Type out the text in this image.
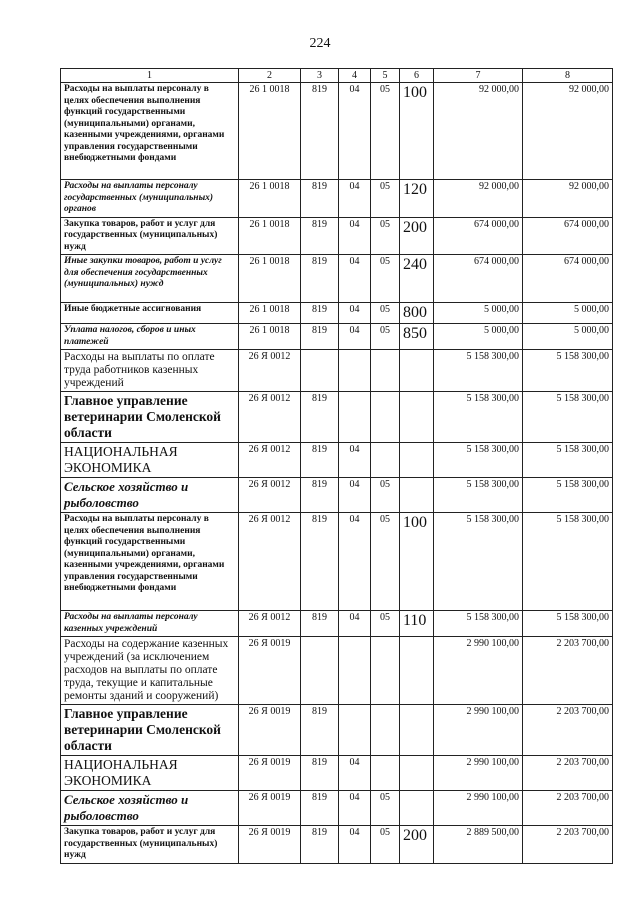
224
1	2	3	4	5	6	7	8
Расходы на выплаты персоналу в целях обеспечения выполнения функций государственными (муниципальными) органами, казенными учреждениями, органами управления государственными внебюджетными фондами	26 1 0018	819	04	05	100	92 000,00	92 000,00
Расходы на выплаты персоналу государственных (муниципальных) органов	26 1 0018	819	04	05	120	92 000,00	92 000,00
Закупка товаров, работ и услуг для государственных (муниципальных) нужд	26 1 0018	819	04	05	200	674 000,00	674 000,00
Иные закупки товаров, работ и услуг для обеспечения государственных (муниципальных) нужд	26 1 0018	819	04	05	240	674 000,00	674 000,00
Иные бюджетные ассигнования	26 1 0018	819	04	05	800	5 000,00	5 000,00
Уплата налогов, сборов и иных платежей	26 1 0018	819	04	05	850	5 000,00	5 000,00
Расходы на выплаты по оплате труда работников казенных учреждений	26 Я 0012					5 158 300,00	5 158 300,00
Главное управление ветеринарии Смоленской области	26 Я 0012	819				5 158 300,00	5 158 300,00
НАЦИОНАЛЬНАЯ ЭКОНОМИКА	26 Я 0012	819	04			5 158 300,00	5 158 300,00
Сельское хозяйство и рыболовство	26 Я 0012	819	04	05		5 158 300,00	5 158 300,00
Расходы на выплаты персоналу в целях обеспечения выполнения функций государственными (муниципальными) органами, казенными учреждениями, органами управления государственными внебюджетными фондами	26 Я 0012	819	04	05	100	5 158 300,00	5 158 300,00
Расходы на выплаты персоналу казенных учреждений	26 Я 0012	819	04	05	110	5 158 300,00	5 158 300,00
Расходы на содержание казенных учреждений (за исключением расходов на выплаты по оплате труда, текущие и капитальные ремонты зданий и сооружений)	26 Я 0019					2 990 100,00	2 203 700,00
Главное управление ветеринарии Смоленской области	26 Я 0019	819				2 990 100,00	2 203 700,00
НАЦИОНАЛЬНАЯ ЭКОНОМИКА	26 Я 0019	819	04			2 990 100,00	2 203 700,00
Сельское хозяйство и рыболовство	26 Я 0019	819	04	05		2 990 100,00	2 203 700,00
Закупка товаров, работ и услуг для государственных (муниципальных) нужд	26 Я 0019	819	04	05	200	2 889 500,00	2 203 700,00
